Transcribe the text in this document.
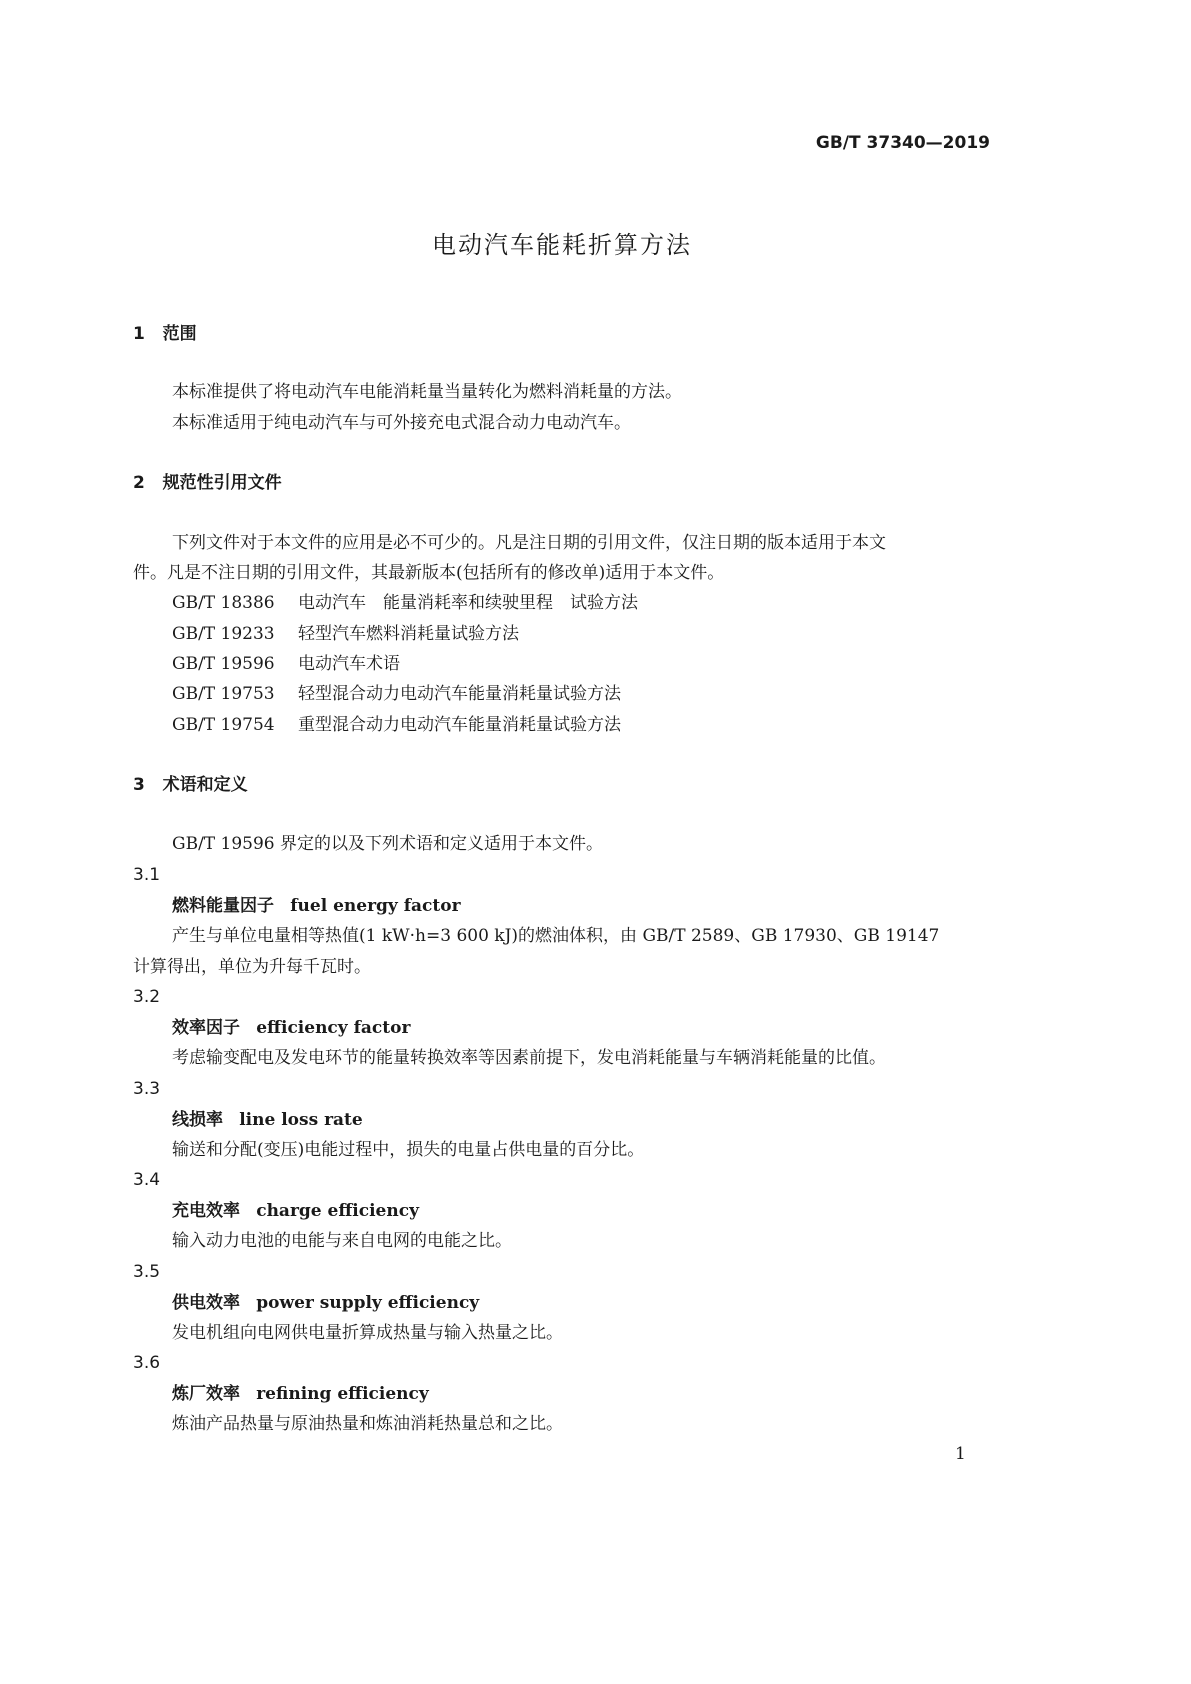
GB/T 37340—2019
电动汽车能耗折算方法
1 范围
本标准提供了将电动汽车电能消耗量当量转化为燃料消耗量的方法。
本标准适用于纯电动汽车与可外接充电式混合动力电动汽车。
2 规范性引用文件
下列文件对于本文件的应用是必不可少的。凡是注日期的引用文件，仅注日期的版本适用于本文
件。凡是不注日期的引用文件，其最新版本(包括所有的修改单)适用于本文件。
GB/T 18386 电动汽车　能量消耗率和续驶里程　试验方法
GB/T 19233 轻型汽车燃料消耗量试验方法
GB/T 19596 电动汽车术语
GB/T 19753 轻型混合动力电动汽车能量消耗量试验方法
GB/T 19754 重型混合动力电动汽车能量消耗量试验方法
3 术语和定义
GB/T 19596 界定的以及下列术语和定义适用于本文件。
3.1
燃料能量因子 fuel energy factor
产生与单位电量相等热值(1 kW·h=3 600 kJ)的燃油体积，由 GB/T 2589、GB 17930、GB 19147
计算得出，单位为升每千瓦时。
3.2
效率因子 efficiency factor
考虑输变配电及发电环节的能量转换效率等因素前提下，发电消耗能量与车辆消耗能量的比值。
3.3
线损率 line loss rate
输送和分配(变压)电能过程中，损失的电量占供电量的百分比。
3.4
充电效率 charge efficiency
输入动力电池的电能与来自电网的电能之比。
3.5
供电效率 power supply efficiency
发电机组向电网供电量折算成热量与输入热量之比。
3.6
炼厂效率 refining efficiency
炼油产品热量与原油热量和炼油消耗热量总和之比。
1
